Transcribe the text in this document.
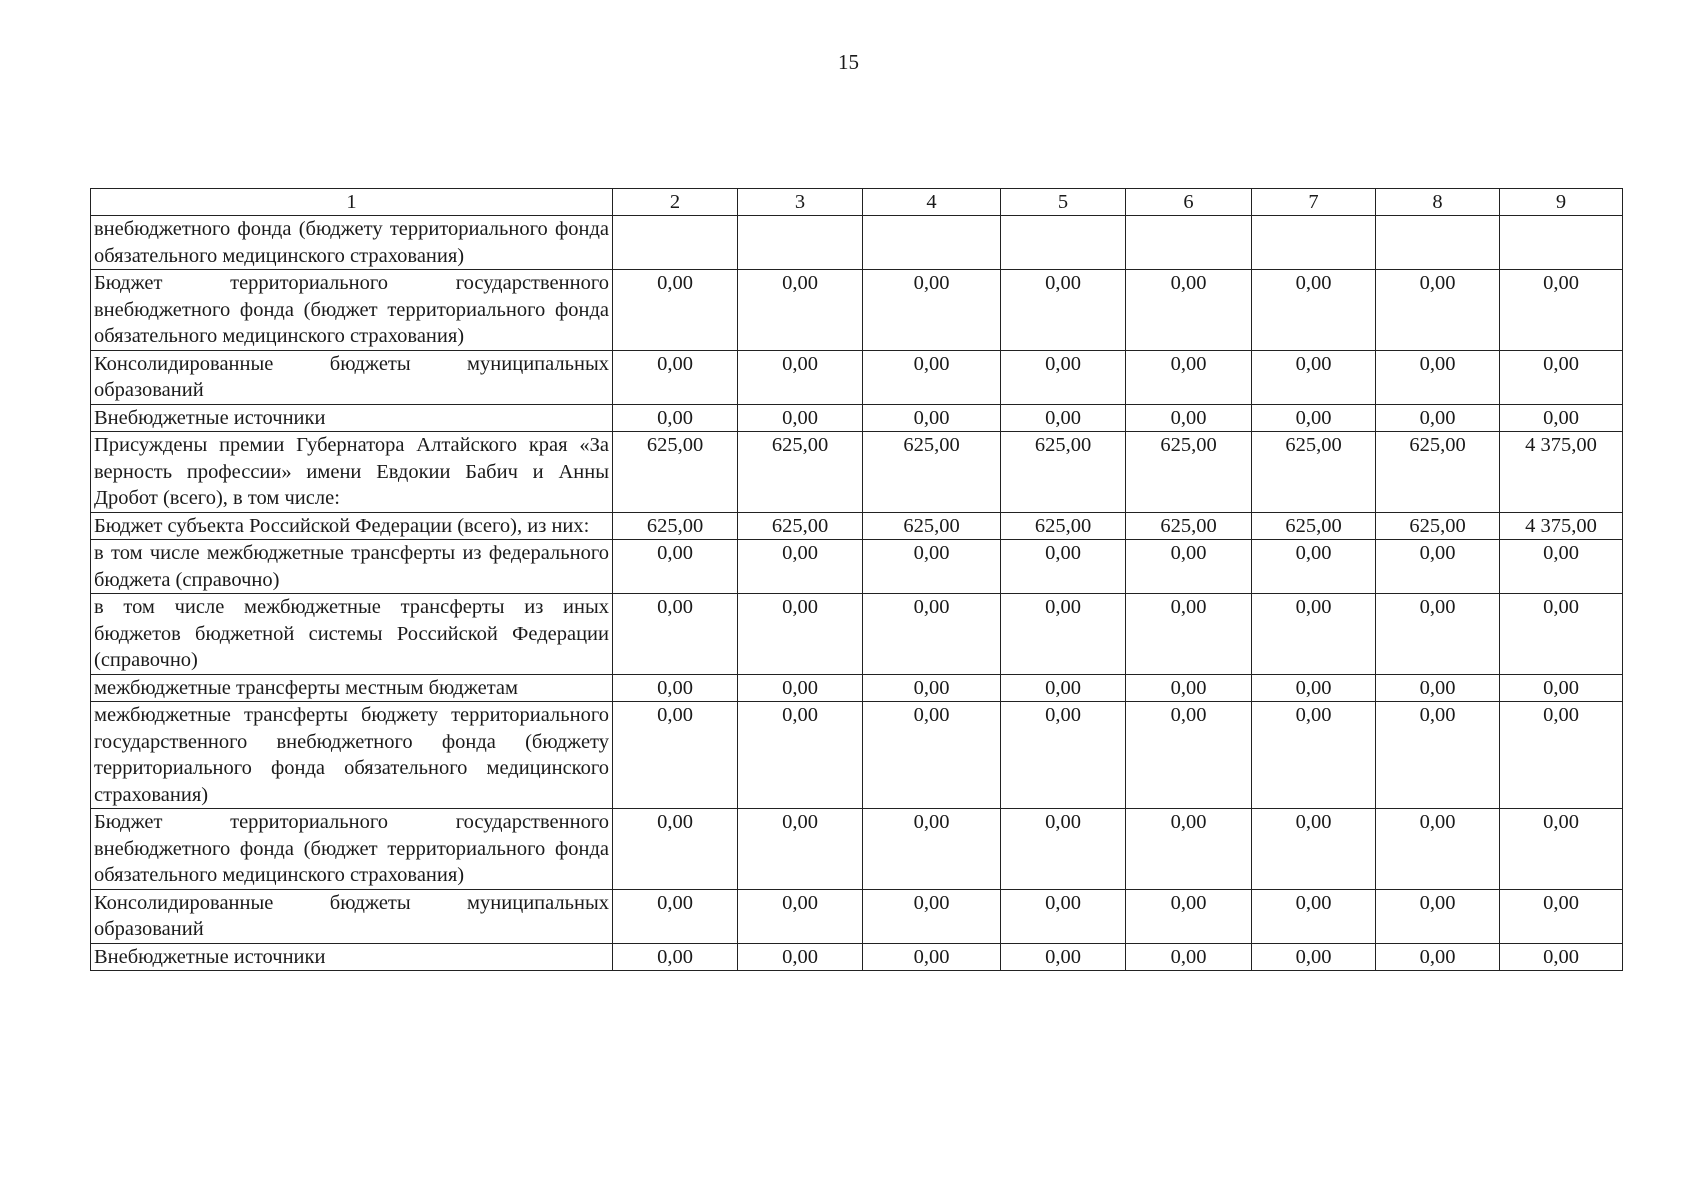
15
1	2	3	4	5	6	7	8	9
внебюджетного фонда (бюджету территориального фонда обязательного медицинского страхования)								
Бюджет территориального государственного внебюджетного фонда (бюджет территориального фонда обязательного медицинского страхования)	0,00	0,00	0,00	0,00	0,00	0,00	0,00	0,00
Консолидированные бюджеты муниципальных образований	0,00	0,00	0,00	0,00	0,00	0,00	0,00	0,00
Внебюджетные источники	0,00	0,00	0,00	0,00	0,00	0,00	0,00	0,00
Присуждены премии Губернатора Алтайского края «За верность профессии» имени Евдокии Бабич и Анны Дробот (всего), в том числе:	625,00	625,00	625,00	625,00	625,00	625,00	625,00	4 375,00
Бюджет субъекта Российской Федерации (всего), из них:	625,00	625,00	625,00	625,00	625,00	625,00	625,00	4 375,00
в том числе межбюджетные трансферты из федерального бюджета (справочно)	0,00	0,00	0,00	0,00	0,00	0,00	0,00	0,00
в том числе межбюджетные трансферты из иных бюджетов бюджетной системы Российской Федерации (справочно)	0,00	0,00	0,00	0,00	0,00	0,00	0,00	0,00
межбюджетные трансферты местным бюджетам	0,00	0,00	0,00	0,00	0,00	0,00	0,00	0,00
межбюджетные трансферты бюджету территориального государственного внебюджетного фонда (бюджету территориального фонда обязательного медицинского страхования)	0,00	0,00	0,00	0,00	0,00	0,00	0,00	0,00
Бюджет территориального государственного внебюджетного фонда (бюджет территориального фонда обязательного медицинского страхования)	0,00	0,00	0,00	0,00	0,00	0,00	0,00	0,00
Консолидированные бюджеты муниципальных образований	0,00	0,00	0,00	0,00	0,00	0,00	0,00	0,00
Внебюджетные источники	0,00	0,00	0,00	0,00	0,00	0,00	0,00	0,00
